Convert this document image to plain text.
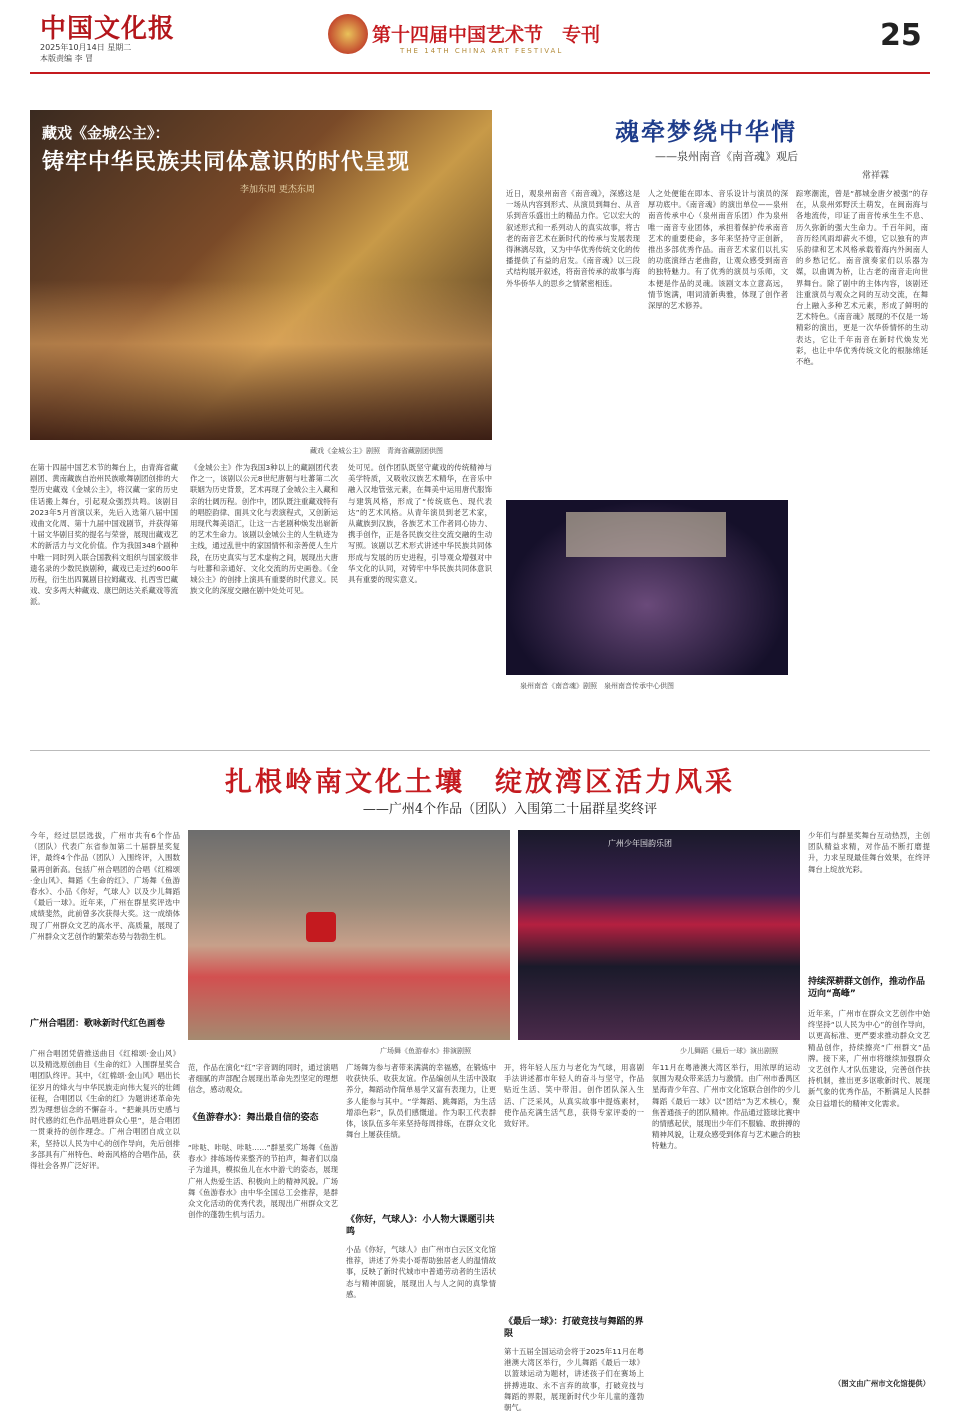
中国文化报
2025年10月14日 星期二
本版责编 李 冒
第十四届中国艺术节 专刊
THE 14TH CHINA ART FESTIVAL	25
藏戏《金城公主》：
铸牢中华民族共同体意识的时代呈现
李加东周 更杰东周
藏戏《金城公主》剧照　青海省藏剧团供图
在第十四届中国艺术节的舞台上，由青海省藏剧团、黄南藏族自治州民族歌舞剧团创排的大型历史藏戏《金城公主》，将汉藏一家的历史佳话搬上舞台，引起观众强烈共鸣。该剧目2023年5月首演以来，先后入选第八届中国戏曲文化周、第十九届中国戏剧节，并获得第十届文华剧目奖的提名与荣誉，展现出藏戏艺术的新活力与文化价值。作为我国348个剧种中唯一同时列入联合国教科文组织与国家级非遗名录的少数民族剧种，藏戏已走过约600年历程，衍生出四翼剧目拉姆藏戏、扎西雪巴藏戏、安多两大种藏戏、康巴朗达关系藏戏等流派。
《金城公主》作为我国3种以上的藏剧团代表作之一，该剧以公元8世纪唐朝与吐蕃第二次联姻为历史背景，艺术再现了金城公主入藏和亲的壮阔历程。创作中，团队既注重藏戏特有的唱腔韵律、面具文化与表演程式，又创新运用现代舞美语汇，让这一古老剧种焕发出崭新的艺术生命力。该剧以金城公主的人生轨迹为主线，通过乱世中的家国情怀和亲善使人生片段，在历史真实与艺术虚构之间，展现出大唐与吐蕃和亲通好、文化交流的历史画卷。《金城公主》的创排上演具有重要的时代意义。民族文化的深度交融在剧中处处可见。
处可见。创作团队既坚守藏戏的传统精神与美学特质，又吸收汉族艺术精华，在音乐中融入汉地管弦元素，在舞美中运用唐代服饰与建筑风格，形成了“传统底色、现代表达”的艺术风格。从青年演员到老艺术家，从藏族到汉族，各族艺术工作者同心协力、携手创作，正是各民族交往交流交融的生动写照。该剧以艺术形式讲述中华民族共同体形成与发展的历史进程，引导观众增强对中华文化的认同，对铸牢中华民族共同体意识具有重要的现实意义。
魂牵梦绕中华情
——泉州南音《南音魂》观后
常祥霖
近日，观泉州南音《南音魂》，深感这是一场从内容到形式、从演员到舞台、从音乐到音乐盛出土的精品力作。它以宏大的叙述形式和一系列动人的真实故事，将古老的南音艺术在新时代的传承与发展表现得淋漓尽致，又为中华优秀传统文化的传播提供了有益的启发。《南音魂》以三段式结构展开叙述，将南音传承的故事与海外华侨华人的思乡之情紧密相连。
人之处便能在即本、音乐设计与演员的深厚功底中。《南音魂》的演出单位——泉州南音传承中心（泉州南音乐团）作为泉州唯一南音专业团体，承担着保护传承南音艺术的重要使命，多年来坚持守正创新，推出多部优秀作品。南音艺术家们以扎实的功底演绎古老曲韵，让观众感受到南音的独特魅力。有了优秀的演员与乐师，文本便是作品的灵魂。该剧文本立意高远，情节饱满，唱词清新典雅，体现了创作者深厚的艺术修养。
踪寒潮流，曾是“都城金唐夕被强”的存在，从泉州郊野沃土萌发，在闽南海与各地流传，印证了南音传承生生不息、历久弥新的强大生命力。千百年间，南音历经风雨却薪火不熄，它以独有的声乐韵律和艺术风格承载着海内外闽南人的乡愁记忆。南音演奏家们以乐器为媒，以曲调为桥，让古老的南音走向世界舞台。除了剧中的主体内容，该剧还注重演员与观众之间的互动交流，在舞台上融入多种艺术元素，形成了鲜明的艺术特色。《南音魂》展现的不仅是一场精彩的演出，更是一次华侨情怀的生动表达，它让千年南音在新时代焕发光彩，也让中华优秀传统文化的根脉绵延不绝。
泉州南音《南音魂》剧照　泉州南音传承中心供图
扎根岭南文化土壤　绽放湾区活力风采
——广州4个作品（团队）入围第二十届群星奖终评
今年，经过层层选拔，广州市共有6个作品（团队）代表广东省参加第二十届群星奖复评，最终4个作品（团队）入围终评，入围数量再创新高。包括广州合唱团的合唱《红棉颂·金山风》、舞蹈《生命的红》、广场舞《鱼游春水》、小品《你好，气球人》以及少儿舞蹈《最后一球》。近年来，广州在群星奖评选中成绩斐然，此前曾多次获得大奖。这一成绩体现了广州群众文艺的高水平、高质量，展现了广州群众文艺创作的繁荣态势与勃勃生机。
广州合唱团：歌咏新时代红色画卷
广州合唱团凭借推送曲目《红棉颂·金山风》以及精选原创曲目《生命的红》入围群星奖合唱团队终评。其中，《红棉颂·金山风》唱出长征岁月的烽火与中华民族走向伟大复兴的壮阔征程，合唱团以《生命的红》为题讲述革命先烈为理想信念的不懈奋斗。“把兼具历史感与时代感的红色作品唱进群众心里”，是合唱团一贯秉持的创作理念。广州合唱团自成立以来，坚持以人民为中心的创作导向，先后创排多部具有广州特色、岭南风格的合唱作品，获得社会各界广泛好评。
广场舞《鱼游春水》排演剧照
广州少年国韵乐团
少儿舞蹈《最后一球》演出剧照
范，作品在演化“红”字音调的同时，通过演唱者细腻的声部配合展现出革命先烈坚定的理想信念，感动观众。
《鱼游春水》：舞出最自信的姿态
“咔哒、咔哒、咔哒……”群星奖广场舞《鱼游春水》排练场传来整齐的节拍声，舞者们以扇子为道具，模拟鱼儿在水中游弋的姿态，展现广州人热爱生活、积极向上的精神风貌。广场舞《鱼游春水》由中华全国总工会推荐，是群众文化活动的优秀代表，展现出广州群众文艺创作的蓬勃生机与活力。
广场舞为参与者带来满满的幸福感，在锻炼中收获快乐、收获友谊。作品编创从生活中汲取养分，舞蹈动作简单易学又富有表现力，让更多人能参与其中。“学舞蹈、跳舞蹈，为生活增添色彩”，队员们感慨道。作为职工代表群体，该队伍多年来坚持每周排练，在群众文化舞台上屡获佳绩。
《你好，气球人》：小人物大课题引共鸣
小品《你好，气球人》由广州市白云区文化馆推荐，讲述了外卖小哥帮助独居老人的温情故事，反映了新时代城市中普通劳动者的生活状态与精神面貌，展现出人与人之间的真挚情感。
开，将年轻人压力与老化为气球，用喜剧手法讲述都市年轻人的奋斗与坚守，作品贴近生活、笑中带泪。创作团队深入生活、广泛采风，从真实故事中提炼素材，使作品充满生活气息，获得专家评委的一致好评。
《最后一球》：打破竞技与舞蹈的界限
第十五届全国运动会将于2025年11月在粤港澳大湾区举行，少儿舞蹈《最后一球》以篮球运动为题材，讲述孩子们在赛场上拼搏进取、永不言弃的故事，打破竞技与舞蹈的界限，展现新时代少年儿童的蓬勃朝气。
年11月在粤港澳大湾区举行，用浓厚的运动氛围为观众带来活力与激情。由广州市番禺区星海青少年宫、广州市文化馆联合创作的少儿舞蹈《最后一球》以“团结”为艺术核心，聚焦普通孩子的团队精神。作品通过篮球比赛中的情感起伏，展现出少年们不服输、敢拼搏的精神风貌，让观众感受到体育与艺术融合的独特魅力。
少年们与群星奖舞台互动热烈，主创团队精益求精，对作品不断打磨提升，力求呈现最佳舞台效果，在终评舞台上绽放光彩。
持续深耕群文创作，推动作品迈向“高峰”
近年来，广州市在群众文艺创作中始终坚持“以人民为中心”的创作导向，以更高标准、更严要求推动群众文艺精品创作，持续擦亮“广州群文”品牌。接下来，广州市将继续加强群众文艺创作人才队伍建设，完善创作扶持机制，推出更多讴歌新时代、展现新气象的优秀作品，不断满足人民群众日益增长的精神文化需求。
（图文由广州市文化馆提供）
